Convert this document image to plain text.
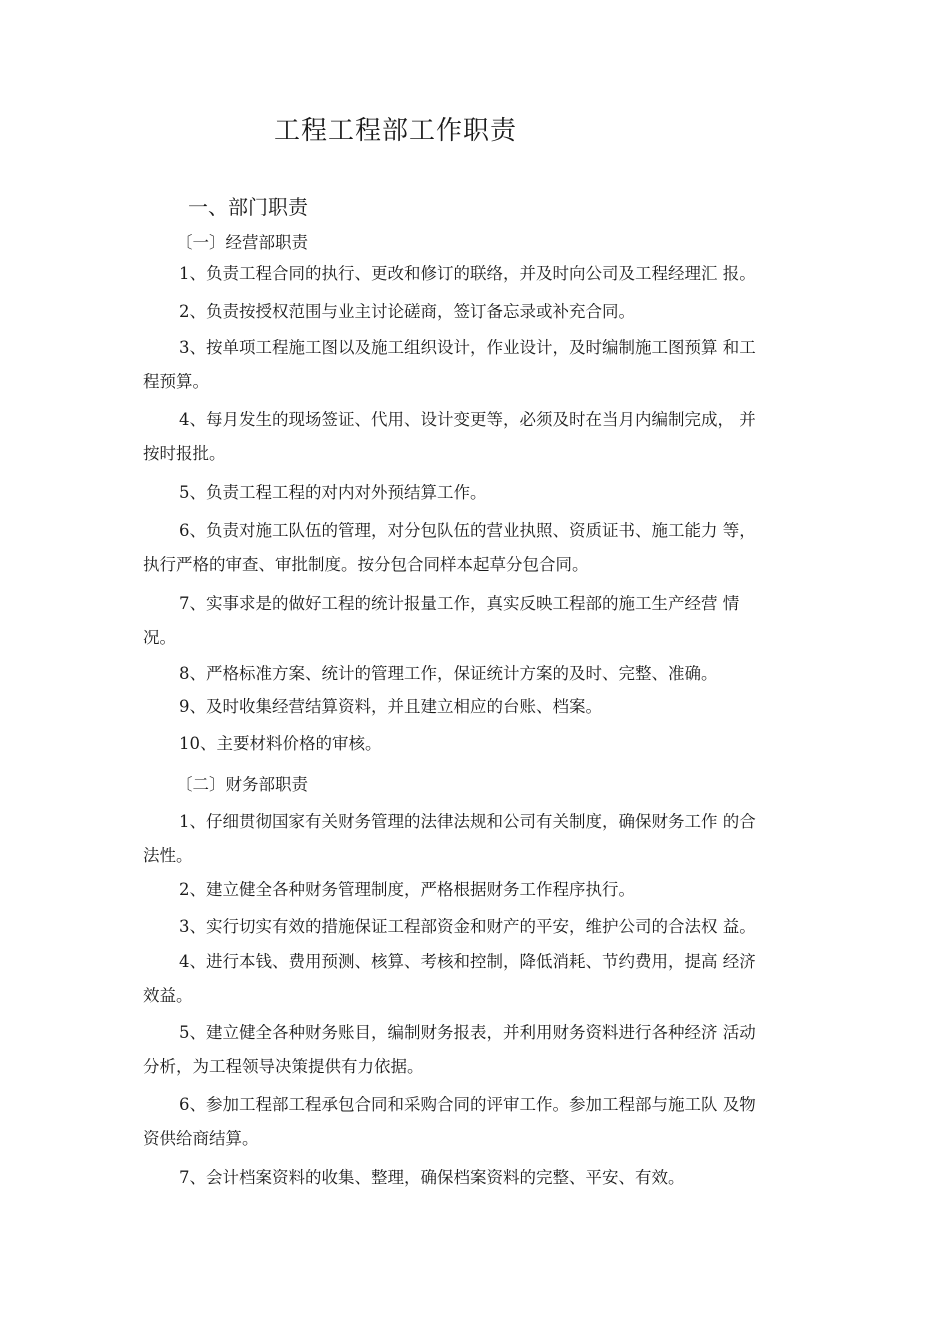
工程工程部工作职责
一、部门职责
〔一〕经营部职责
1、负责工程合同的执行、更改和修订的联络，并及时向公司及工程经理汇 报。
2、负责按授权范围与业主讨论磋商，签订备忘录或补充合同。
3、按单项工程施工图以及施工组织设计，作业设计，及时编制施工图预算 和工
程预算。
4、每月发生的现场签证、代用、设计变更等，必须及时在当月内编制完成， 并
按时报批。
5、负责工程工程的对内对外预结算工作。
6、负责对施工队伍的管理，对分包队伍的营业执照、资质证书、施工能力 等，
执行严格的审查、审批制度。按分包合同样本起草分包合同。
7、实事求是的做好工程的统计报量工作，真实反映工程部的施工生产经营 情
况。
8、严格标准方案、统计的管理工作，保证统计方案的及时、完整、准确。
9、及时收集经营结算资料，并且建立相应的台账、档案。
10、主要材料价格的审核。
〔二〕财务部职责
1、仔细贯彻国家有关财务管理的法律法规和公司有关制度，确保财务工作 的合
法性。
2、建立健全各种财务管理制度，严格根据财务工作程序执行。
3、实行切实有效的措施保证工程部资金和财产的平安，维护公司的合法权 益。
4、进行本钱、费用预测、核算、考核和控制，降低消耗、节约费用，提高 经济
效益。
5、建立健全各种财务账目，编制财务报表，并利用财务资料进行各种经济 活动
分析，为工程领导决策提供有力依据。
6、参加工程部工程承包合同和采购合同的评审工作。参加工程部与施工队 及物
资供给商结算。
7、会计档案资料的收集、整理，确保档案资料的完整、平安、有效。
